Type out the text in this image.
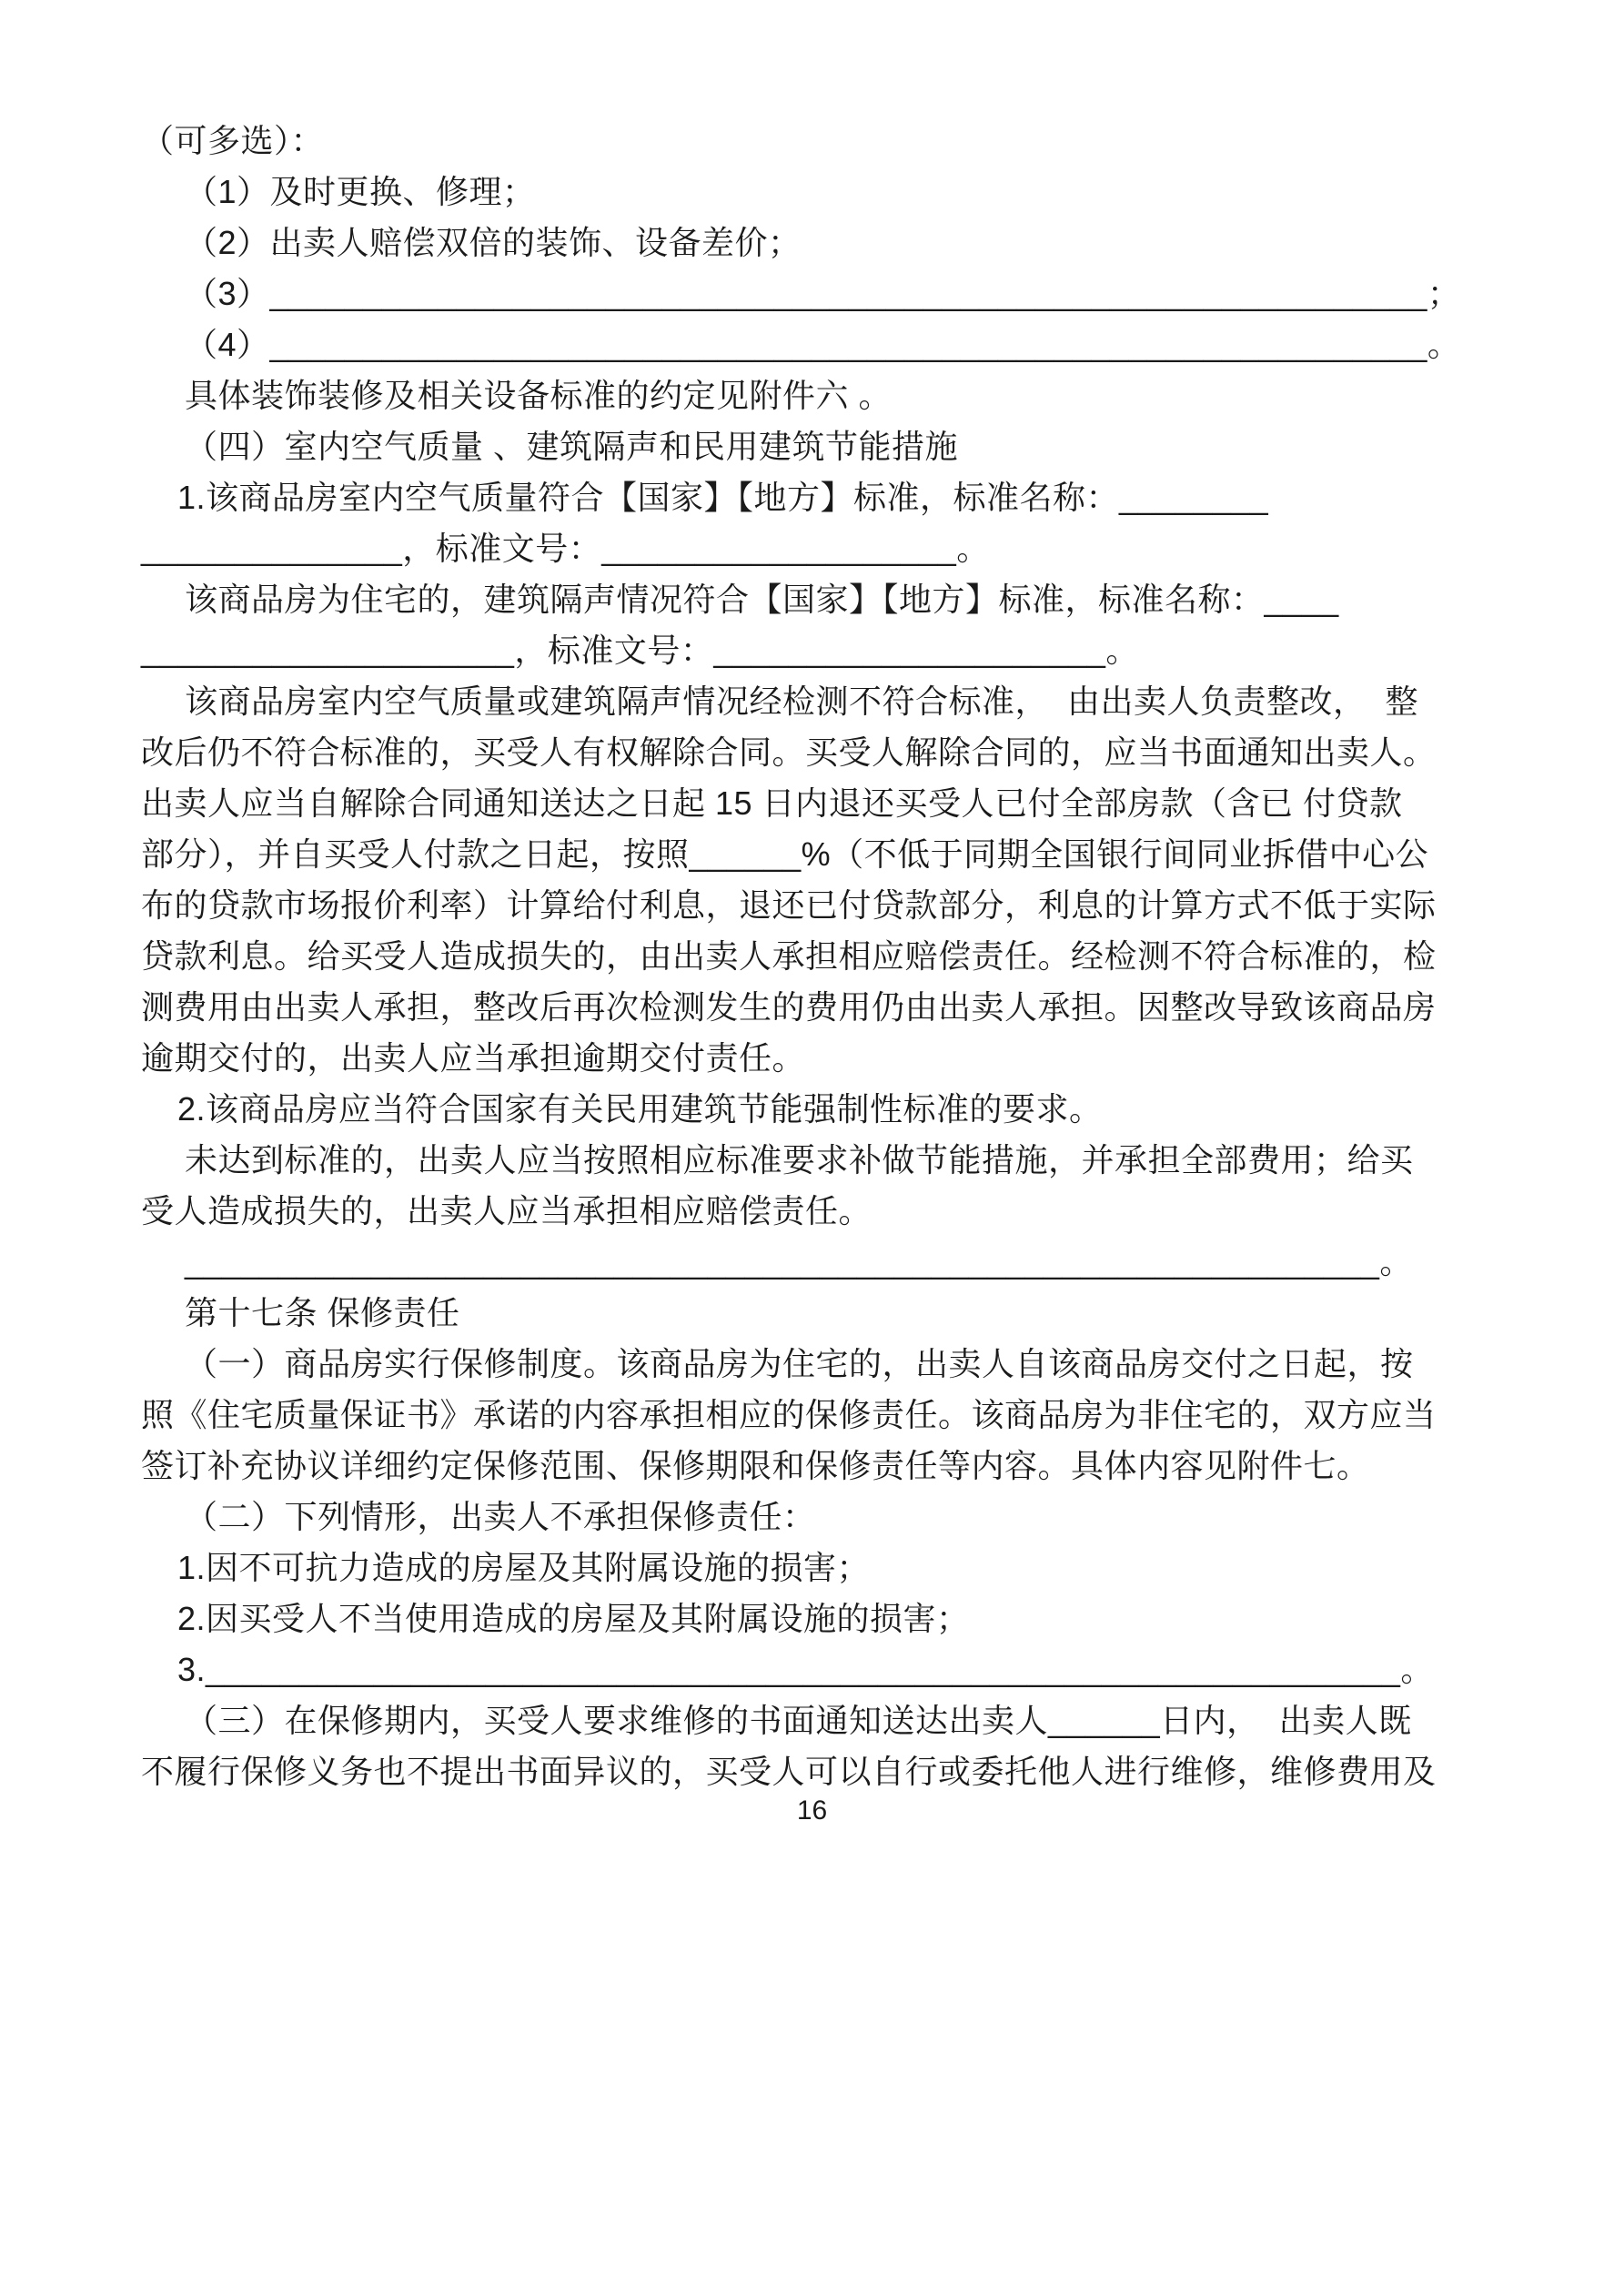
（可多选）：
（1）及时更换、修理；
（2）出卖人赔偿双倍的装饰、设备差价；
（3）______________________________________________________________；
（4）______________________________________________________________。
具体装饰装修及相关设备标准的约定见附件六 。
（四）室内空气质量 、建筑隔声和民用建筑节能措施
1.该商品房室内空气质量符合【国家】【地方】标准，标准名称：________
______________，标准文号：___________________。
该商品房为住宅的，建筑隔声情况符合【国家】【地方】标准，标准名称：____
____________________，标准文号：_____________________。
该商品房室内空气质量或建筑隔声情况经检测不符合标准，  由出卖人负责整改，  整
改后仍不符合标准的，买受人有权解除合同。买受人解除合同的，应当书面通知出卖人。
出卖人应当自解除合同通知送达之日起 15 日内退还买受人已付全部房款（含已 付贷款
部分），并自买受人付款之日起，按照______%（不低于同期全国银行间同业拆借中心公
布的贷款市场报价利率）计算给付利息，退还已付贷款部分，利息的计算方式不低于实际
贷款利息。给买受人造成损失的，由出卖人承担相应赔偿责任。经检测不符合标准的，检
测费用由出卖人承担，整改后再次检测发生的费用仍由出卖人承担。因整改导致该商品房
逾期交付的，出卖人应当承担逾期交付责任。
2.该商品房应当符合国家有关民用建筑节能强制性标准的要求。
未达到标准的，出卖人应当按照相应标准要求补做节能措施，并承担全部费用；给买
受人造成损失的，出卖人应当承担相应赔偿责任。
________________________________________________________________。
第十七条 保修责任
（一）商品房实行保修制度。该商品房为住宅的，出卖人自该商品房交付之日起，按
照《住宅质量保证书》承诺的内容承担相应的保修责任。该商品房为非住宅的，双方应当
签订补充协议详细约定保修范围、保修期限和保修责任等内容。具体内容见附件七。
（二）下列情形，出卖人不承担保修责任：
1.因不可抗力造成的房屋及其附属设施的损害；
2.因买受人不当使用造成的房屋及其附属设施的损害；
3.________________________________________________________________。
（三）在保修期内，买受人要求维修的书面通知送达出卖人______日内，  出卖人既
不履行保修义务也不提出书面异议的，买受人可以自行或委托他人进行维修，维修费用及
16
